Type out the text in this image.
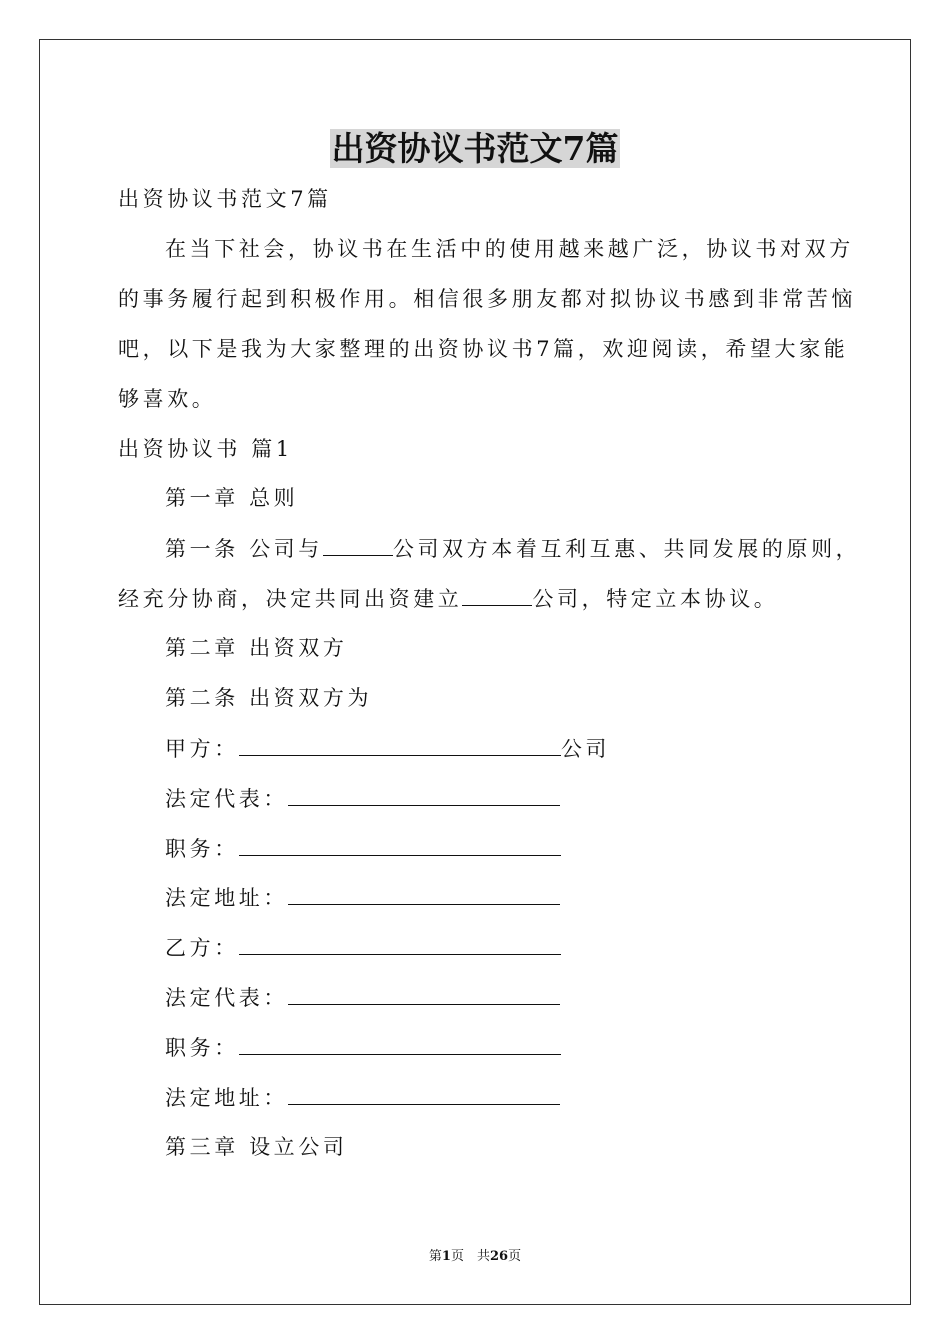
出资协议书范文7篇
出资协议书范文7篇
在当下社会，协议书在生活中的使用越来越广泛，协议书对双方
的事务履行起到积极作用。相信很多朋友都对拟协议书感到非常苦恼
吧，以下是我为大家整理的出资协议书7篇，欢迎阅读，希望大家能
够喜欢。
出资协议书 篇1
第一章 总则
第一条 公司与	公司双方本着互利互惠、共同发展的原则，
经充分协商，决定共同出资建立	公司，特定立本协议。
第二章 出资双方
第二条 出资双方为
甲方：	公司
法定代表：
职务：
法定地址：
乙方：
法定代表：
职务：
法定地址：
第三章 设立公司
第1页　共26页
